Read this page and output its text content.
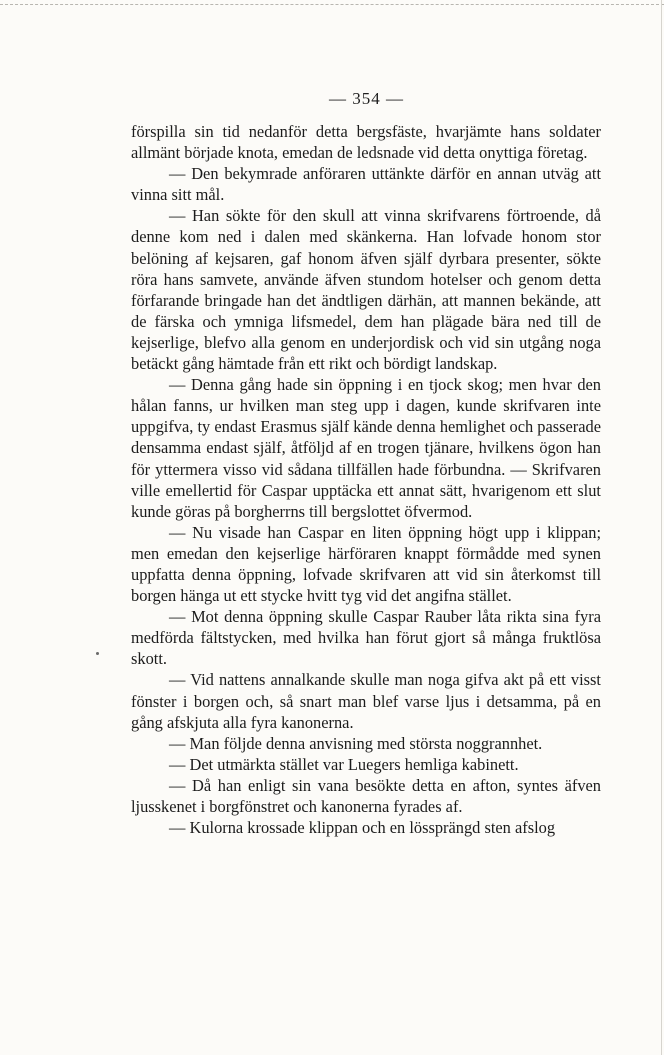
— 354 —

förspilla sin tid nedanför detta bergsfäste, hvarjämte hans soldater allmänt började knota, emedan de ledsnade vid detta onyttiga företag.

— Den bekymrade anföraren uttänkte därför en annan utväg att vinna sitt mål.

— Han sökte för den skull att vinna skrifvarens förtroende, då denne kom ned i dalen med skänkerna. Han lofvade honom stor belöning af kejsaren, gaf honom äfven själf dyrbara presenter, sökte röra hans samvete, använde äfven stundom hotelser och genom detta förfarande bringade han det ändtligen därhän, att mannen bekände, att de färska och ymniga lifsmedel, dem han plägade bära ned till de kejserlige, blefvo alla genom en underjordisk och vid sin utgång noga betäckt gång hämtade från ett rikt och bördigt landskap.

— Denna gång hade sin öppning i en tjock skog; men hvar den hålan fanns, ur hvilken man steg upp i dagen, kunde skrifvaren inte uppgifva, ty endast Erasmus själf kände denna hemlighet och passerade densamma endast själf, åtföljd af en trogen tjänare, hvilkens ögon han för yttermera visso vid sådana tillfällen hade förbundna. — Skrifvaren ville emellertid för Caspar upptäcka ett annat sätt, hvarigenom ett slut kunde göras på borgherrns till bergslottet öfvermod.

— Nu visade han Caspar en liten öppning högt upp i klippan; men emedan den kejserlige härföraren knappt förmådde med synen uppfatta denna öppning, lofvade skrifvaren att vid sin återkomst till borgen hänga ut ett stycke hvitt tyg vid det angifna stället.

— Mot denna öppning skulle Caspar Rauber låta rikta sina fyra medförda fältstycken, med hvilka han förut gjort så många fruktlösa skott.

— Vid nattens annalkande skulle man noga gifva akt på ett visst fönster i borgen och, så snart man blef varse ljus i detsamma, på en gång afskjuta alla fyra kanonerna.

— Man följde denna anvisning med största noggrannhet.

— Det utmärkta stället var Luegers hemliga kabinett.

— Då han enligt sin vana besökte detta en afton, syntes äfven ljusskenet i borgfönstret och kanonerna fyrades af.

— Kulorna krossade klippan och en lössprängd sten afslog
